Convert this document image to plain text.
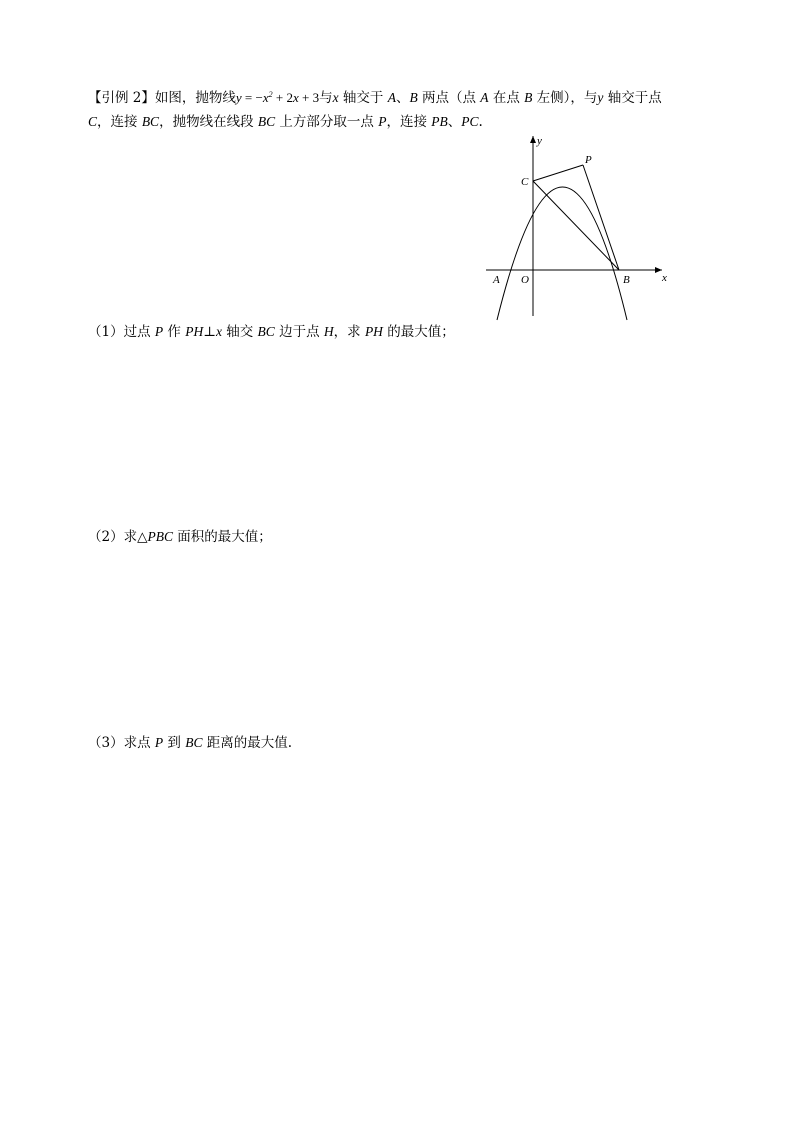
【引例 2】如图，抛物线$y = -x^2 + 2x + 3$与x 轴交于 A、B 两点（点 A 在点 B 左侧），与y 轴交于点
C，连接 BC，抛物线在线段 BC 上方部分取一点 P，连接 PB、PC.
y
x
O
A	B
C
P
（1）过点 P 作 PH⊥x 轴交 BC 边于点 H，求 PH 的最大值；
（2）求△PBC 面积的最大值；
（3）求点 P 到 BC 距离的最大值.
